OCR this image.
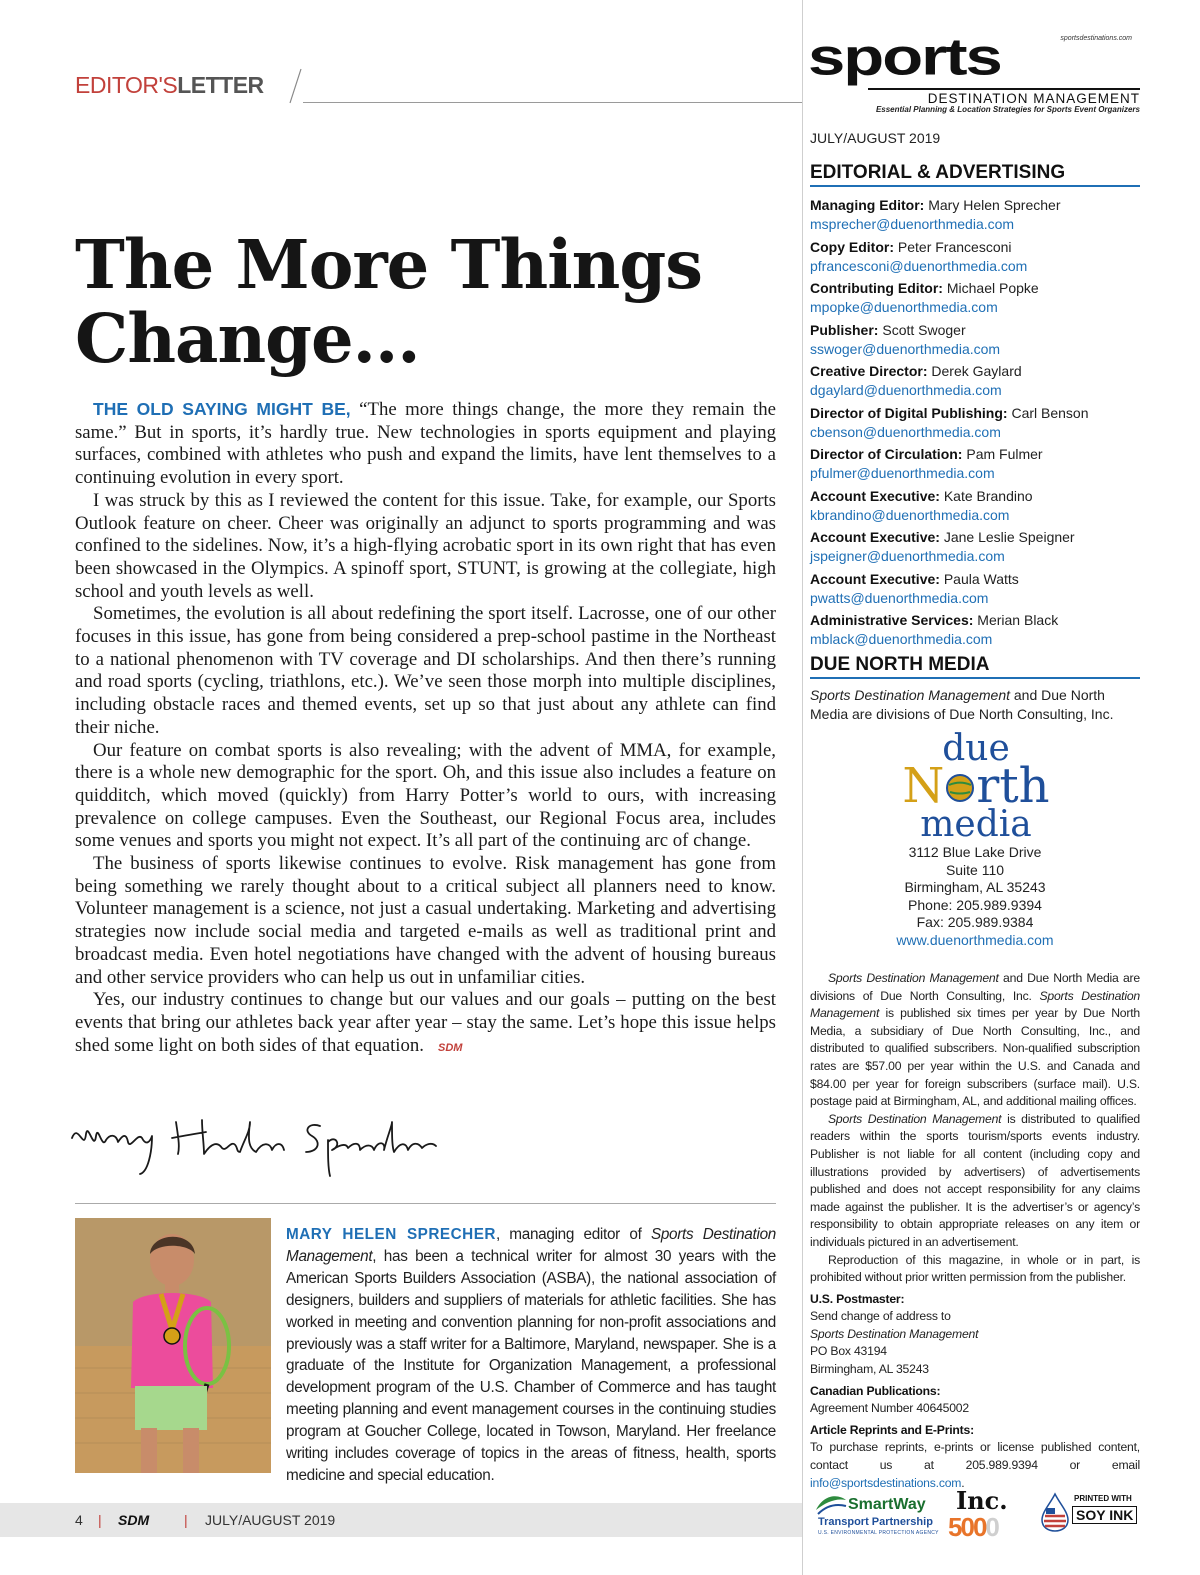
EDITOR'SLETTER
The More Things
Change...

THE OLD SAYING MIGHT BE, “The more things change, the more they remain the same.” But in sports, it’s hardly true. New technologies in sports equipment and playing surfaces, combined with athletes who push and expand the limits, have lent themselves to a continuing evolution in every sport.

I was struck by this as I reviewed the content for this issue. Take, for example, our Sports Outlook feature on cheer. Cheer was originally an adjunct to sports programming and was confined to the sidelines. Now, it’s a high-flying acrobatic sport in its own right that has even been showcased in the Olympics. A spinoff sport, STUNT, is growing at the collegiate, high school and youth levels as well.

Sometimes, the evolution is all about redefining the sport itself. Lacrosse, one of our other focuses in this issue, has gone from being considered a prep-school pastime in the Northeast to a national phenomenon with TV coverage and DI scholarships. And then there’s running and road sports (cycling, triathlons, etc.). We’ve seen those morph into multiple disciplines, including obstacle races and themed events, set up so that just about any athlete can find their niche.

Our feature on combat sports is also revealing; with the advent of MMA, for example, there is a whole new demographic for the sport. Oh, and this issue also includes a feature on quidditch, which moved (quickly) from Harry Potter’s world to ours, with increasing prevalence on college campuses. Even the Southeast, our Regional Focus area, includes some venues and sports you might not expect. It’s all part of the continuing arc of change.

The business of sports likewise continues to evolve. Risk management has gone from being something we rarely thought about to a critical subject all planners need to know. Volunteer management is a science, not just a casual undertaking. Marketing and advertising strategies now include social media and targeted e-mails as well as traditional print and broadcast media. Even hotel negotiations have changed with the advent of housing bureaus and other service providers who can help us out in unfamiliar cities.

Yes, our industry continues to change but our values and our goals – putting on the best events that bring our athletes back year after year – stay the same. Let’s hope this issue helps shed some light on both sides of that equation. SDM

MARY HELEN SPRECHER, managing editor of Sports Destination Management, has been a technical writer for almost 30 years with the American Sports Builders Association (ASBA), the national association of designers, builders and suppliers of materials for athletic facilities. She has worked in meeting and convention planning for non-profit associations and previously was a staff writer for a Baltimore, Maryland, newspaper. She is a graduate of the Institute for Organization Management, a professional development program of the U.S. Chamber of Commerce and has taught meeting planning and event management courses in the continuing studies program at Goucher College, located in Towson, Maryland. Her freelance writing includes coverage of topics in the areas of fitness, health, sports medicine and special education.
4 | SDM | JULY/AUGUST 2019
sportsdestinations.com
sports
DESTINATION MANAGEMENT
Essential Planning & Location Strategies for Sports Event Organizers
JULY/AUGUST 2019
EDITORIAL & ADVERTISING
Managing Editor: Mary Helen Sprecher
msprecher@duenorthmedia.com
Copy Editor: Peter Francesconi
pfrancesconi@duenorthmedia.com
Contributing Editor: Michael Popke
mpopke@duenorthmedia.com
Publisher: Scott Swoger
sswoger@duenorthmedia.com
Creative Director: Derek Gaylard
dgaylard@duenorthmedia.com
Director of Digital Publishing: Carl Benson
cbenson@duenorthmedia.com
Director of Circulation: Pam Fulmer
pfulmer@duenorthmedia.com
Account Executive: Kate Brandino
kbrandino@duenorthmedia.com
Account Executive: Jane Leslie Speigner
jspeigner@duenorthmedia.com
Account Executive: Paula Watts
pwatts@duenorthmedia.com
Administrative Services: Merian Black
mblack@duenorthmedia.com
DUE NORTH MEDIA
Sports Destination Management and Due North Media are divisions of Due North Consulting, Inc.
due
N rth
media
3112 Blue Lake Drive
Suite 110
Birmingham, AL 35243
Phone: 205.989.9394
Fax: 205.989.9384
www.duenorthmedia.com

Sports Destination Management and Due North Media are divisions of Due North Consulting, Inc. Sports Destination Management is published six times per year by Due North Media, a subsidiary of Due North Consulting, Inc., and distributed to qualified subscribers. Non-qualified subscription rates are $57.00 per year within the U.S. and Canada and $84.00 per year for foreign subscribers (surface mail). U.S. postage paid at Birmingham, AL, and additional mailing offices.

Sports Destination Management is distributed to qualified readers within the sports tourism/sports events industry. Publisher is not liable for all content (including copy and illustrations provided by advertisers) of advertisements published and does not accept responsibility for any claims made against the publisher. It is the advertiser’s or agency’s responsibility to obtain appropriate releases on any item or individuals pictured in an advertisement.

Reproduction of this magazine, in whole or in part, is prohibited without prior written permission from the publisher.

U.S. Postmaster:
Send change of address to
Sports Destination Management
PO Box 43194
Birmingham, AL 35243
Canadian Publications:
Agreement Number 40645002
Article Reprints and E-Prints:
To purchase reprints, e-prints or license published content, contact us at 205.989.9394 or email info@sportsdestinations.com.
SmartWay
Transport Partnership
U.S. ENVIRONMENTAL PROTECTION AGENCY
Inc.
5000
PRINTED WITH
SOY INK
